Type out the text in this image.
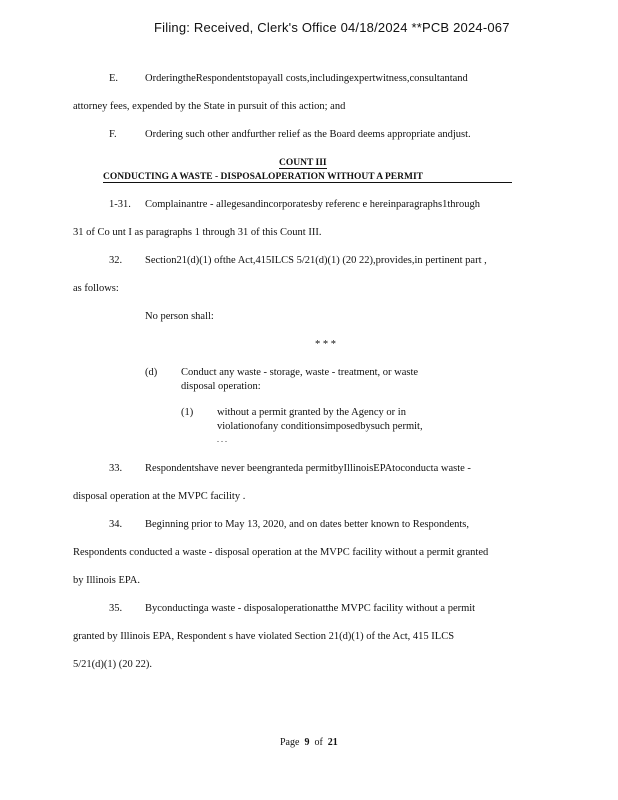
Filing: Received, Clerk's Office 04/18/2024 **PCB 2024-067
E.	OrderingtheRespondentstopayall costs,includingexpertwitness,consultantand
attorney fees, expended by the State in pursuit of this action; and
F.	Ordering such other andfurther relief as the Board deems appropriate andjust.
COUNT III
CONDUCTING A WASTE - DISPOSALOPERATION WITHOUT A PERMIT
1-31. Complainantre - allegesandincorporatesby referenc e hereinparagraphs1through
31 of Co unt I as paragraphs 1 through 31 of this Count III.
32. Section21(d)(1) ofthe Act,415ILCS 5/21(d)(1) (20 22),provides,in pertinent part ,
as follows:
No person shall:
* * *
(d) Conduct any waste - storage, waste - treatment, or waste
disposal operation:
(1) without a permit granted by the Agency or in
violationofany conditionsimposedbysuch permit,
. . .
33. Respondentshave never beengranteda permitbyIllinoisEPAtoconducta waste -
disposal operation at the MVPC facility .
34. Beginning prior to May 13, 2020, and on dates better known to Respondents,
Respondents conducted a waste - disposal operation at the MVPC facility without a permit granted
by Illinois EPA.
35. Byconductinga waste - disposaloperationatthe MVPC facility without a permit
granted by Illinois EPA, Respondent s have violated Section 21(d)(1) of the Act, 415 ILCS
5/21(d)(1) (20 22).
Page 9 of 21
